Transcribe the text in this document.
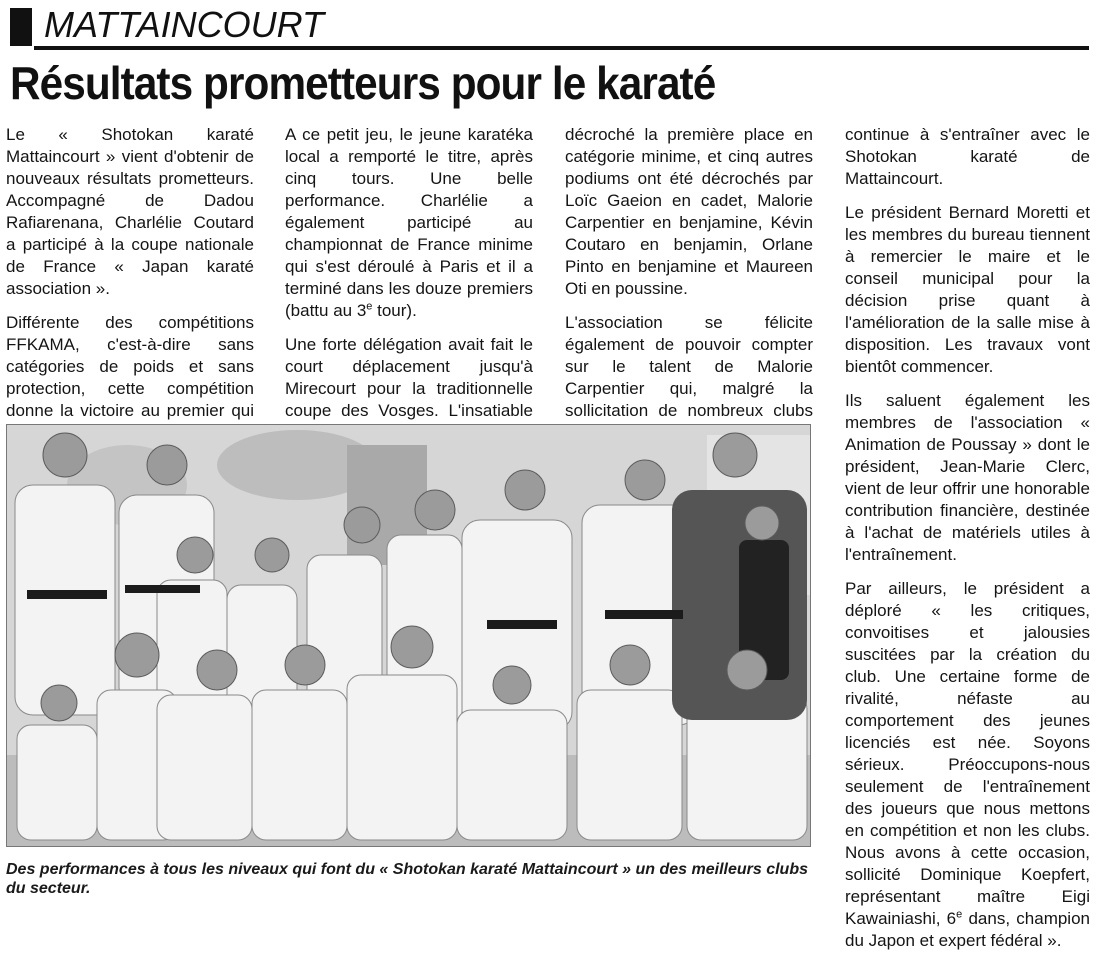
MATTAINCOURT
Résultats prometteurs pour le karaté

Le « Shotokan karaté Mattaincourt » vient d'obtenir de nouveaux résultats prometteurs. Accompagné de Dadou Rafiarenana, Charlélie Coutard a participé à la coupe nationale de France « Japan karaté association ».

Différente des compétitions FFKAMA, c'est-à-dire sans catégories de poids et sans protection, cette compétition donne la victoire au premier qui

A ce petit jeu, le jeune karatéka local a remporté le titre, après cinq tours. Une belle performance. Charlélie a également participé au championnat de France minime qui s'est déroulé à Paris et il a terminé dans les douze premiers (battu au 3e tour).

Une forte délégation avait fait le court déplacement jusqu'à Mirecourt pour la traditionnelle coupe des Vosges. L'insatiable

décroché la première place en catégorie minime, et cinq autres podiums ont été décrochés par Loïc Gaeion en cadet, Malorie Carpentier en benjamine, Kévin Coutaro en benjamin, Orlane Pinto en benjamine et Maureen Oti en poussine.

L'association se félicite également de pouvoir compter sur le talent de Malorie Carpentier qui, malgré la sollicitation de nombreux clubs

continue à s'entraîner avec le Shotokan karaté de Mattaincourt.

Le président Bernard Moretti et les membres du bureau tiennent à remercier le maire et le conseil municipal pour la décision prise quant à l'amélioration de la salle mise à disposition. Les travaux vont bientôt commencer.

Ils saluent également les membres de l'association « Animation de Poussay » dont le président, Jean-Marie Clerc, vient de leur offrir une honorable contribution financière, destinée à l'achat de matériels utiles à l'entraînement.

Par ailleurs, le président a déploré « les critiques, convoitises et jalousies suscitées par la création du club. Une certaine forme de rivalité, néfaste au comportement des jeunes licenciés est née. Soyons sérieux. Préoccupons-nous seulement de l'entraînement des joueurs que nous mettons en compétition et non les clubs. Nous avons à cette occasion, sollicité Dominique Koepfert, représentant maître Eigi Kawainiashi, 6e dans, champion du Japon et expert fédéral ».

Des performances à tous les niveaux qui font du « Shotokan karaté Mattaincourt » un des meilleurs clubs du secteur.
